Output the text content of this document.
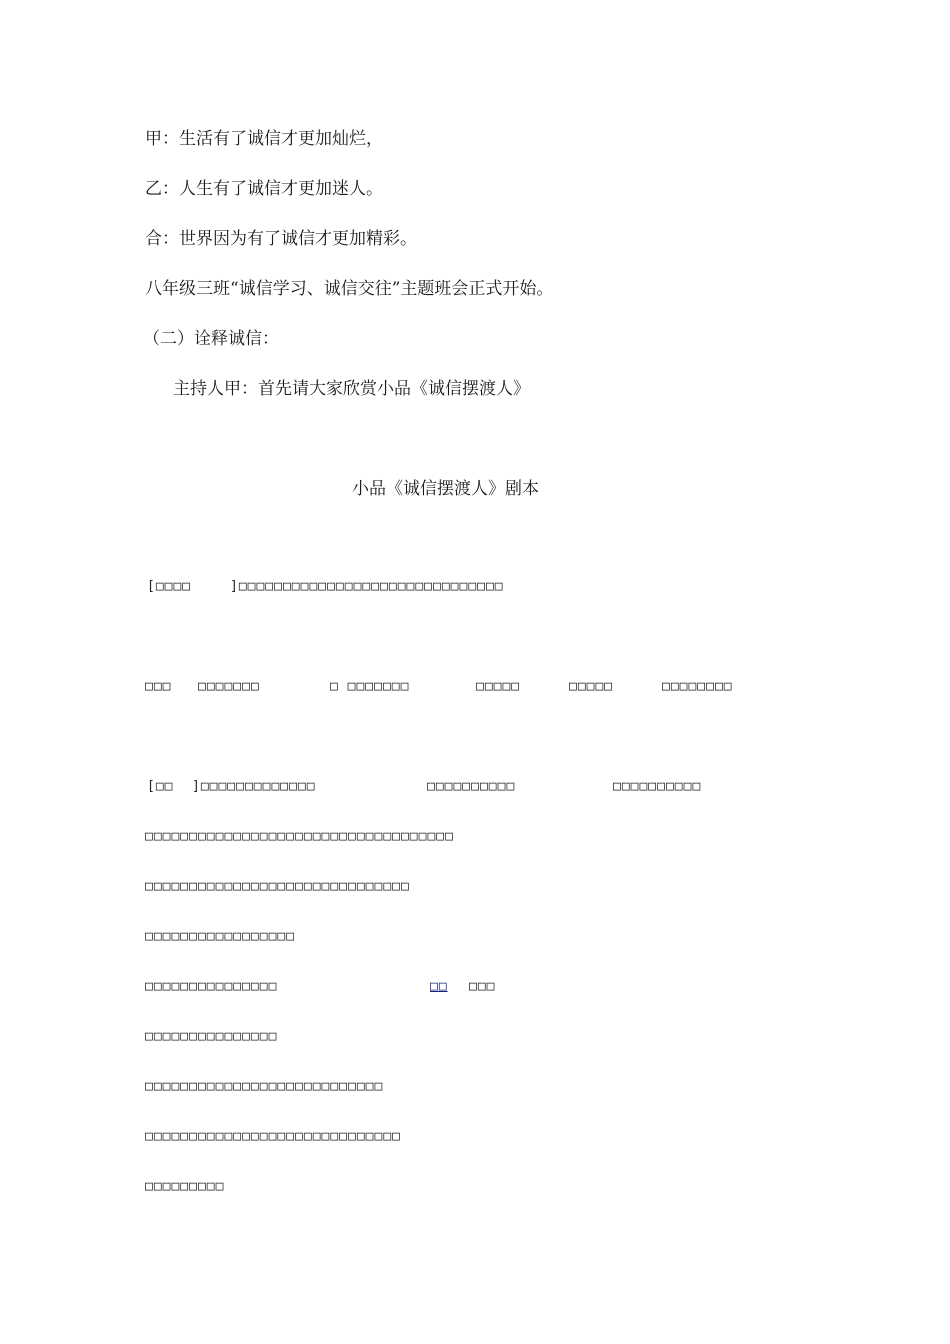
甲：生活有了诚信才更加灿烂，
乙：人生有了诚信才更加迷人。
合：世界因为有了诚信才更加精彩。
八年级三班“诚信学习、诚信交往”主题班会正式开始。
（二）诠释诚信：
主持人甲：首先请大家欣赏小品《诚信摆渡人》
小品《诚信摆渡人》剧本
[□□□□	]□□□□□□□□□□□□□□□□□□□□□□□□□□□□□□
□□□ □□□□□□□	□ □□□□□□□	□□□□□	□□□□□	□□□□□□□□
[□□ ]□□□□□□□□□□□□□	□□□□□□□□□□	□□□□□□□□□□
□□□□□□□□□□□□□□□□□□□□□□□□□□□□□□□□□□□
□□□□□□□□□□□□□□□□□□□□□□□□□□□□□□
□□□□□□□□□□□□□□□□□
□□□□□□□□□□□□□□□	□□	□□□
□□□□□□□□□□□□□□□
□□□□□□□□□□□□□□□□□□□□□□□□□□□
□□□□□□□□□□□□□□□□□□□□□□□□□□□□□
□□□□□□□□□
